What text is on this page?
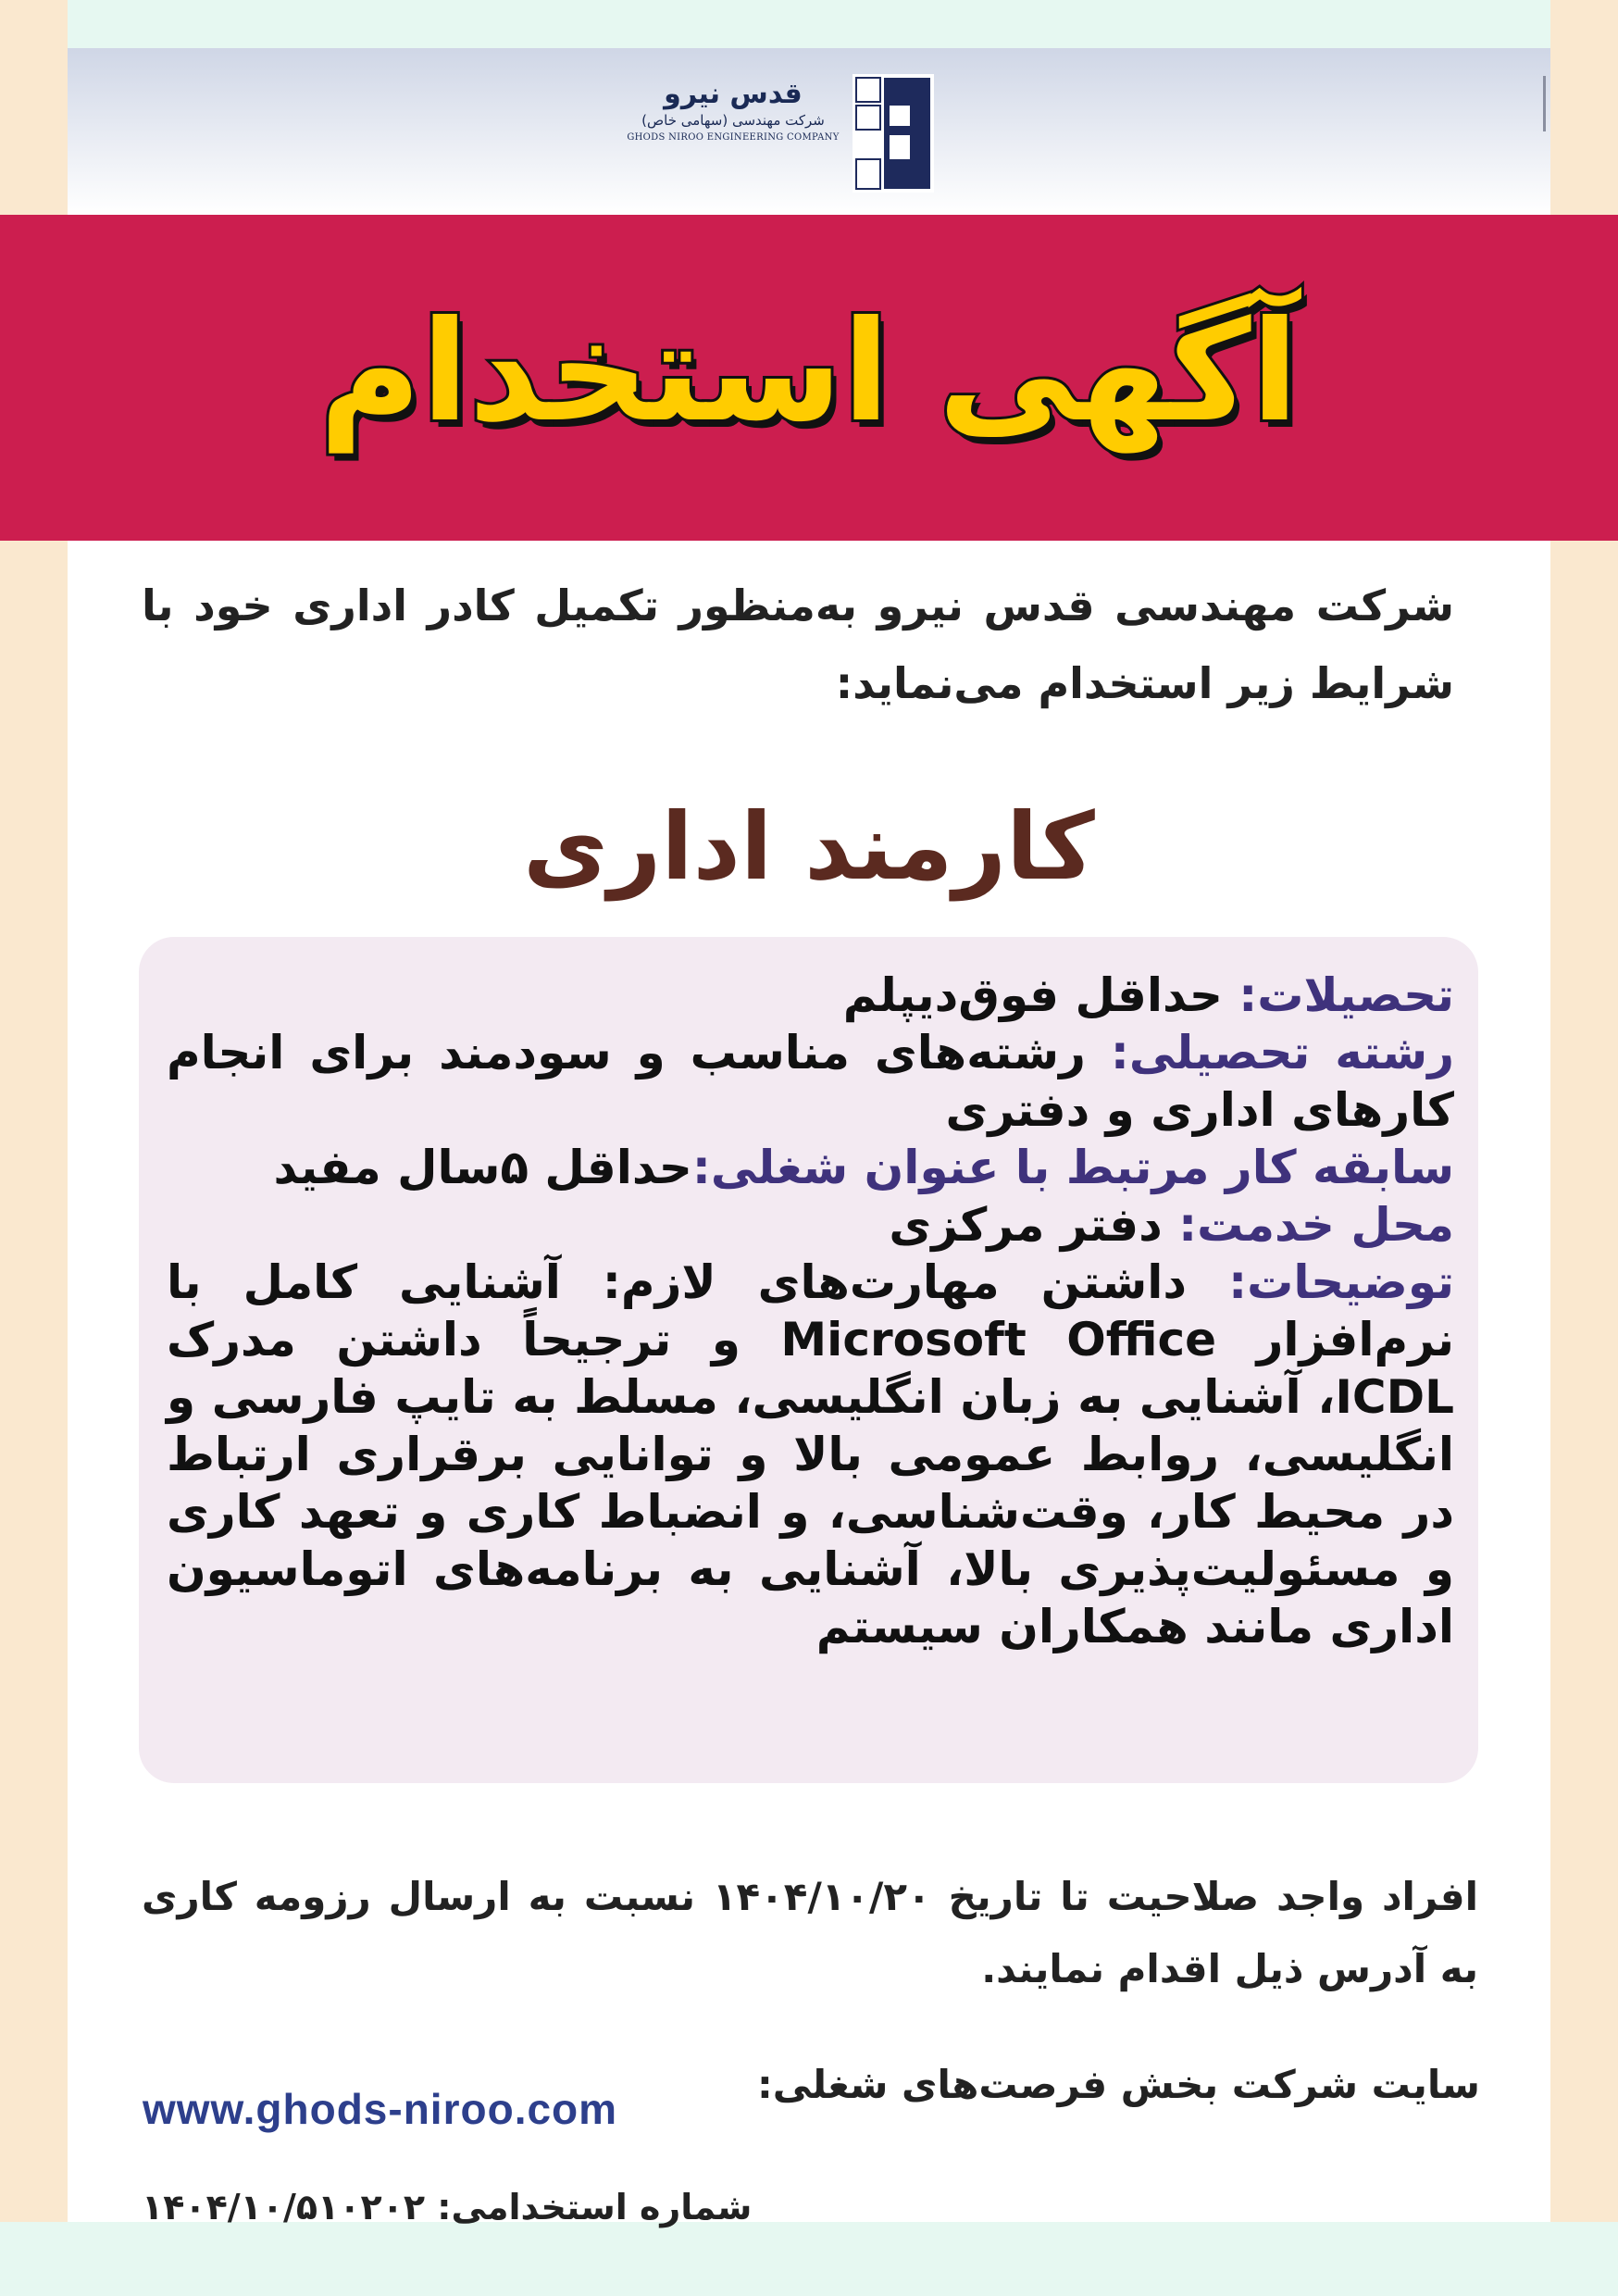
قدس نیرو
شرکت مهندسی (سهامی خاص)
GHODS NIROO ENGINEERING COMPANY
آگهی استخدام
شرکت مهندسی قدس نیرو به‌منظور تکمیل کادر اداری خود با شرایط زیر استخدام می‌نماید:
کارمند اداری

تحصیلات: حداقل فوق‌دیپلم

رشته تحصیلی: رشته‌های مناسب و سودمند برای انجام کارهای اداری و دفتری

سابقه کار مرتبط با عنوان شغلی:حداقل ۵سال مفید

محل خدمت: دفتر مرکزی

توضیحات: داشتن مهارت‌های لازم: آشنایی کامل با نرم‌افزار Microsoft Office و ترجیحاً داشتن مدرک ICDL، آشنایی به زبان انگلیسی، مسلط به تایپ فارسی و انگلیسی، روابط عمومی بالا و توانایی برقراری ارتباط در محیط کار، وقت‌شناسی، و انضباط کاری و تعهد کاری و مسئولیت‌پذیری بالا، آشنایی به برنامه‌های اتوماسیون اداری مانند همکاران سیستم

افراد واجد صلاحیت تا تاریخ ۱۴۰۴/۱۰/۲۰ نسبت به ارسال رزومه کاری به آدرس ذیل اقدام نمایند.

سایت شرکت بخش فرصت‌های شغلی:
www.ghods-niroo.com
شماره استخدامی: ۱۴۰۴/۱۰/۵۱۰۲۰۲
